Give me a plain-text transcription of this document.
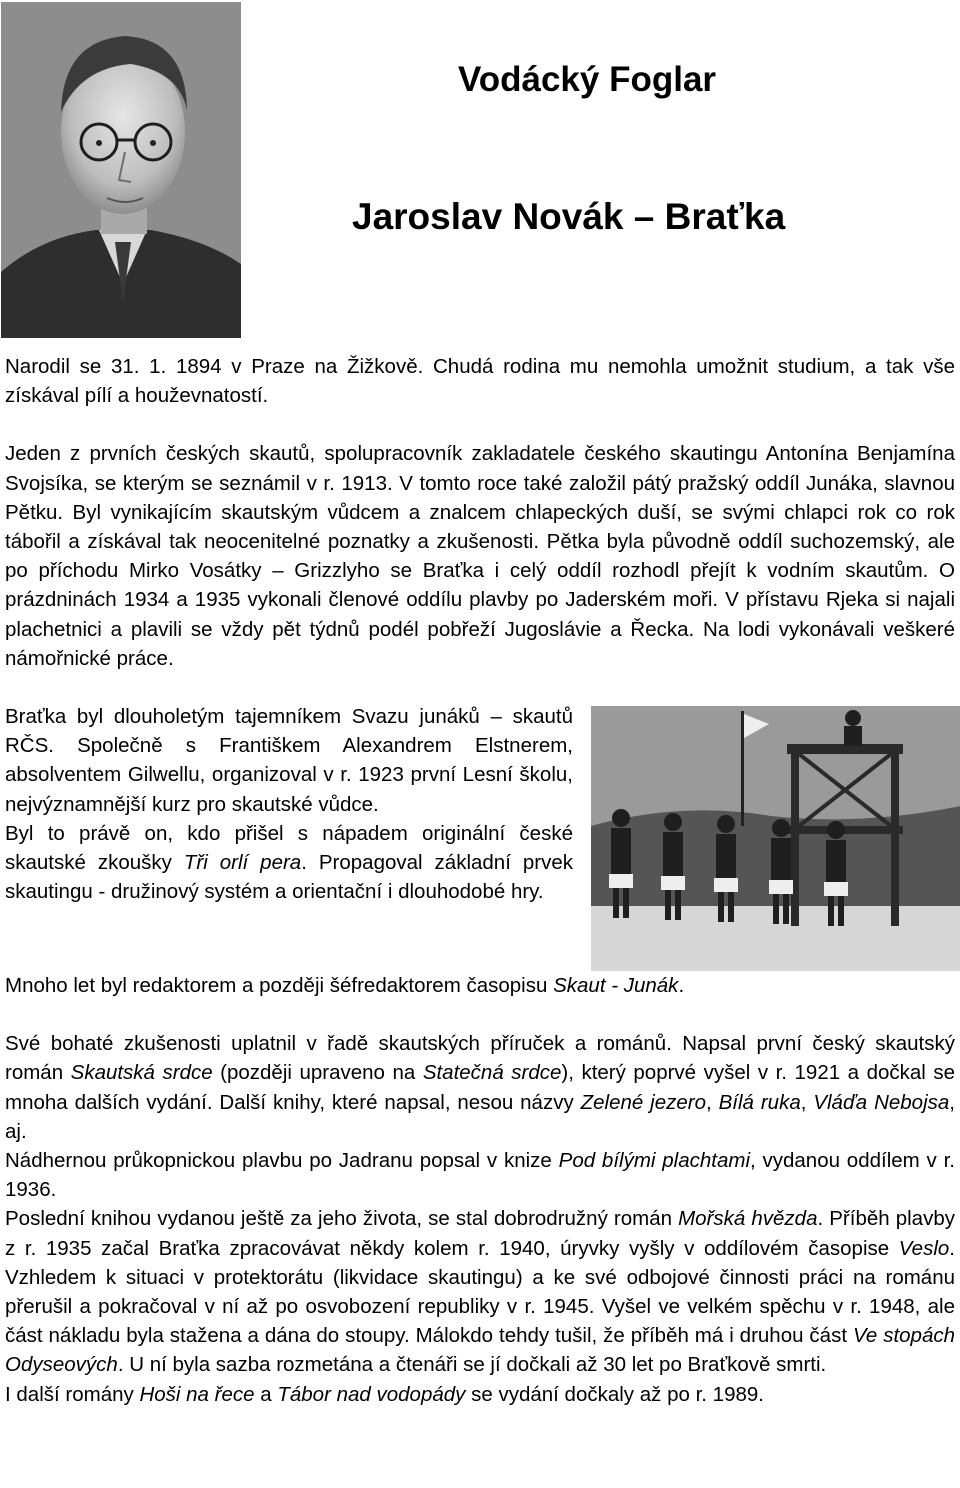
Vodácký Foglar
Jaroslav Novák – Braťka

Narodil se 31. 1. 1894 v Praze na Žižkově. Chudá rodina mu nemohla umožnit studium, a tak vše získával pílí a houževnatostí.

Jeden z prvních českých skautů, spolupracovník zakladatele českého skautingu Antonína Benjamína Svojsíka, se kterým se seznámil v r. 1913. V tomto roce také založil pátý pražský oddíl Junáka, slavnou Pětku. Byl vynikajícím skautským vůdcem a znalcem chlapeckých duší, se svými chlapci rok co rok tábořil a získával tak neocenitelné poznatky a zkušenosti. Pětka byla původně oddíl suchozemský, ale po příchodu Mirko Vosátky – Grizzlyho se Braťka i celý oddíl rozhodl přejít k vodním skautům. O prázdninách 1934 a 1935 vykonali členové oddílu plavby po Jaderském moři. V přístavu Rjeka si najali plachetnici a plavili se vždy pět týdnů podél pobřeží Jugoslávie a Řecka. Na lodi vykonávali veškeré námořnické práce.

Braťka byl dlouholetým tajemníkem Svazu junáků – skautů RČS. Společně s Františkem Alexandrem Elstnerem, absolventem Gilwellu, organizoval v r. 1923 první Lesní školu, nejvýznamnější kurz pro skautské vůdce.

Byl to právě on, kdo přišel s nápadem originální české skautské zkoušky Tři orlí pera. Propagoval základní prvek skautingu - družinový systém a orientační i dlouhodobé hry.

Mnoho let byl redaktorem a později šéfredaktorem časopisu Skaut - Junák.

Své bohaté zkušenosti uplatnil v řadě skautských příruček a románů. Napsal první český skautský román Skautská srdce (později upraveno na Statečná srdce), který poprvé vyšel v r. 1921 a dočkal se mnoha dalších vydání. Další knihy, které napsal, nesou názvy Zelené jezero, Bílá ruka, Vláďa Nebojsa, aj.

Nádhernou průkopnickou plavbu po Jadranu popsal v knize Pod bílými plachtami, vydanou oddílem v r. 1936.

Poslední knihou vydanou ještě za jeho života, se stal dobrodružný román Mořská hvězda. Příběh plavby z r. 1935 začal Braťka zpracovávat někdy kolem r. 1940, úryvky vyšly v oddílovém časopise Veslo. Vzhledem k situaci v protektorátu (likvidace skautingu) a ke své odbojové činnosti práci na románu přerušil a pokračoval v ní až po osvobození republiky v r. 1945. Vyšel ve velkém spěchu v r. 1948, ale část nákladu byla stažena a dána do stoupy. Málokdo tehdy tušil, že příběh má i druhou část Ve stopách Odyseových. U ní byla sazba rozmetána a čtenáři se jí dočkali až 30 let po Braťkově smrti.

I další romány Hoši na řece a Tábor nad vodopády se vydání dočkaly až po r. 1989.
